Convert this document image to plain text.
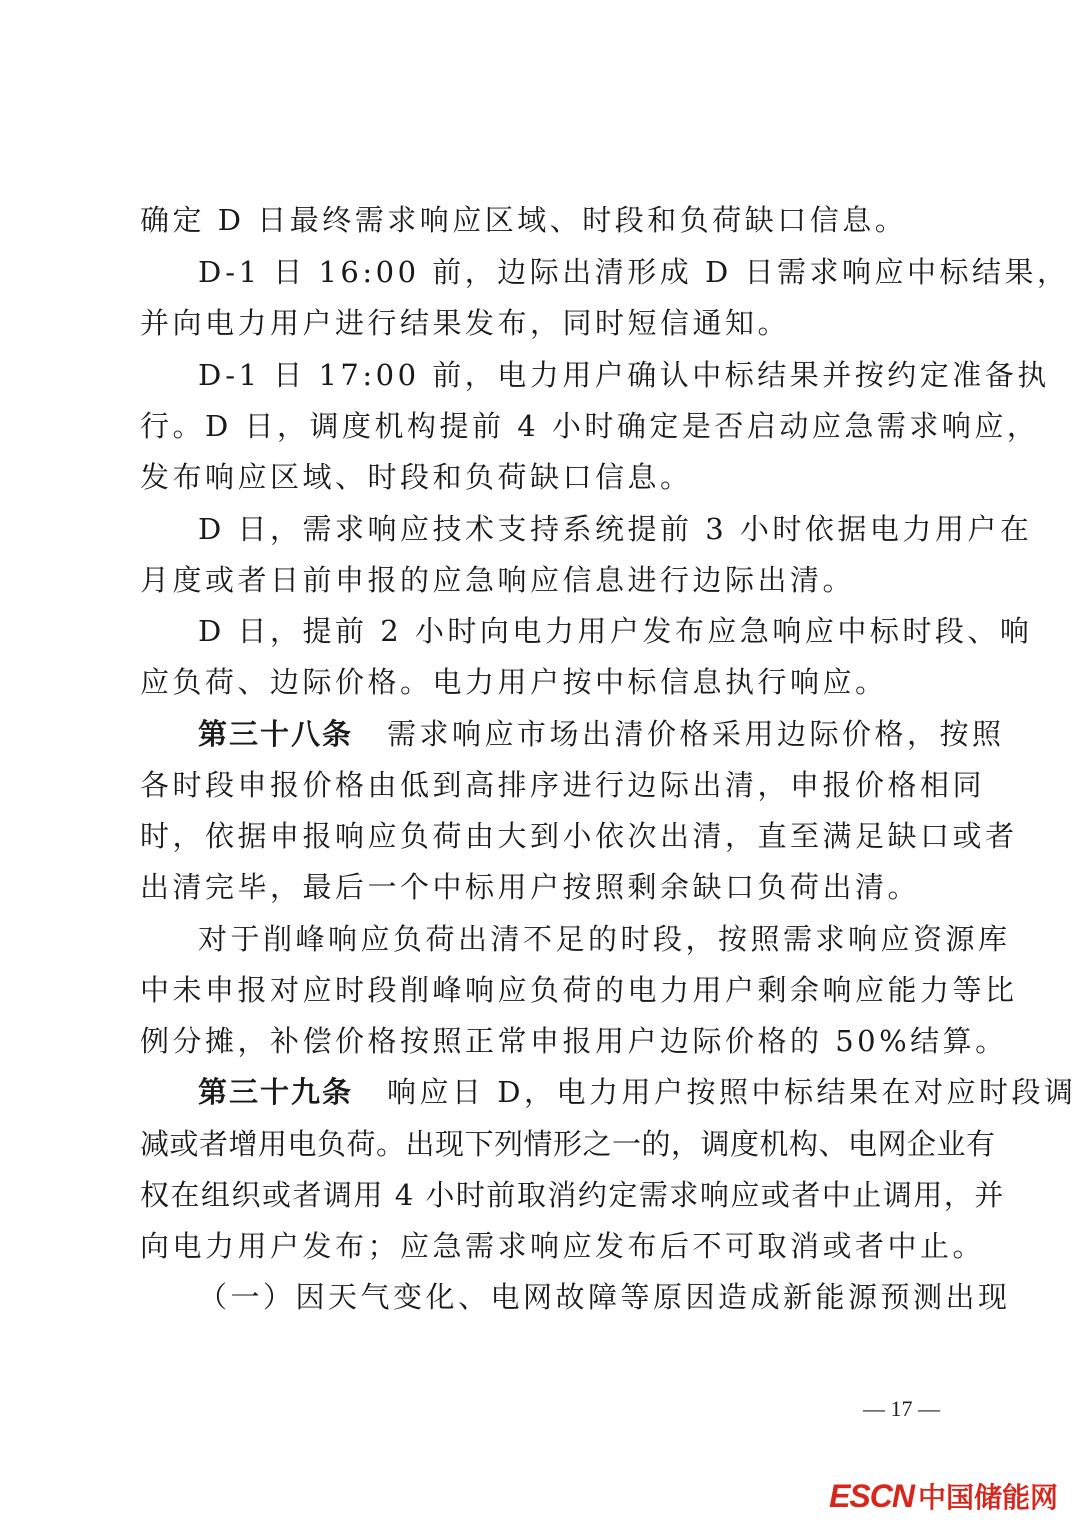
确定 D 日最终需求响应区域、时段和负荷缺口信息。
D-1 日 16:00 前，边际出清形成 D 日需求响应中标结果，
并向电力用户进行结果发布，同时短信通知。
D-1 日 17:00 前，电力用户确认中标结果并按约定准备执
行。D 日，调度机构提前 4 小时确定是否启动应急需求响应，
发布响应区域、时段和负荷缺口信息。
D 日，需求响应技术支持系统提前 3 小时依据电力用户在
月度或者日前申报的应急响应信息进行边际出清。
D 日，提前 2 小时向电力用户发布应急响应中标时段、响
应负荷、边际价格。电力用户按中标信息执行响应。
第三十八条 需求响应市场出清价格采用边际价格，按照
各时段申报价格由低到高排序进行边际出清，申报价格相同
时，依据申报响应负荷由大到小依次出清，直至满足缺口或者
出清完毕，最后一个中标用户按照剩余缺口负荷出清。
对于削峰响应负荷出清不足的时段，按照需求响应资源库
中未申报对应时段削峰响应负荷的电力用户剩余响应能力等比
例分摊，补偿价格按照正常申报用户边际价格的 50%结算。
第三十九条 响应日 D，电力用户按照中标结果在对应时段调
减或者增用电负荷。出现下列情形之一的，调度机构、电网企业有
权在组织或者调用 4 小时前取消约定需求响应或者中止调用，并
向电力用户发布；应急需求响应发布后不可取消或者中止。
（一）因天气变化、电网故障等原因造成新能源预测出现
— 17 —
ESCN 中国储能网
